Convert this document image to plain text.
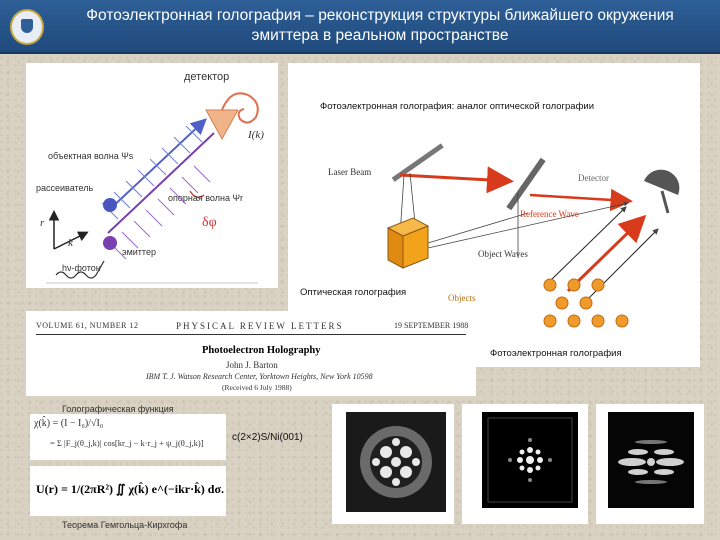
Фотоэлектронная голография – реконструкция структуры ближайшего окружения
эмиттера в реальном пространстве
детектор
I(k)
объектная волна Ψs
рассеиватель
опорная волна Ψr
r
k
δφ
эмиттер
hν-фотон
Фотоэлектронная голография: аналог оптической голографии
Laser Beam
Detector
Reference Wave
Object Waves
Objects
Оптическая голография
Фотоэлектронная голография
VOLUME 61, NUMBER 12	PHYSICAL REVIEW LETTERS	19 SEPTEMBER 1988
Photoelectron Holography
John J. Barton
IBM T. J. Watson Research Center, Yorktown Heights, New York 10598
(Received 6 July 1988)
Голографическая функция
χ(k̂) = (I − I₀)/√I₀
= Σ |F_j(θ_j,k)| cos[kr_j − k·r_j + ψ_j(θ_j,k)]
U(r) = 1/(2πR²) ∬ χ(k̂) e^(−ikr·k̂) dσ.
Теорема Гемгольца-Кирхгофа
c(2×2)S/Ni(001)
